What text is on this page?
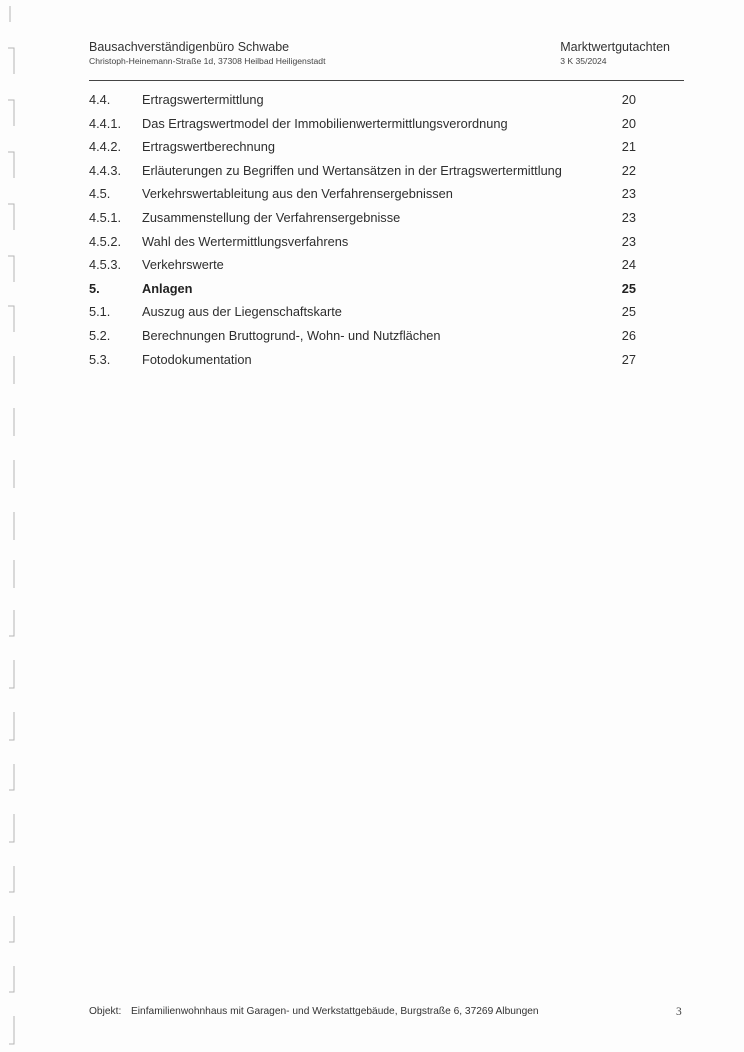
Bausachverständigenbüro Schwabe
Christoph-Heinemann-Straße 1d, 37308 Heilbad Heiligenstadt
Marktwertgutachten
3 K 35/2024
4.4. Ertragswertermittlung	20
4.4.1. Das Ertragswertmodel der Immobilienwertermittlungsverordnung	20
4.4.2. Ertragswertberechnung	21
4.4.3. Erläuterungen zu Begriffen und Wertansätzen in der Ertragswertermittlung	22
4.5. Verkehrswertableitung aus den Verfahrensergebnissen	23
4.5.1. Zusammenstellung der Verfahrensergebnisse	23
4.5.2. Wahl des Wertermittlungsverfahrens	23
4.5.3. Verkehrswerte	24
5.	Anlagen	25
5.1. Auszug aus der Liegenschaftskarte	25
5.2. Berechnungen Bruttogrund-, Wohn- und Nutzflächen	26
5.3. Fotodokumentation	27
Objekt: Einfamilienwohnhaus mit Garagen- und Werkstattgebäude, Burgstraße 6, 37269 Albungen	3
